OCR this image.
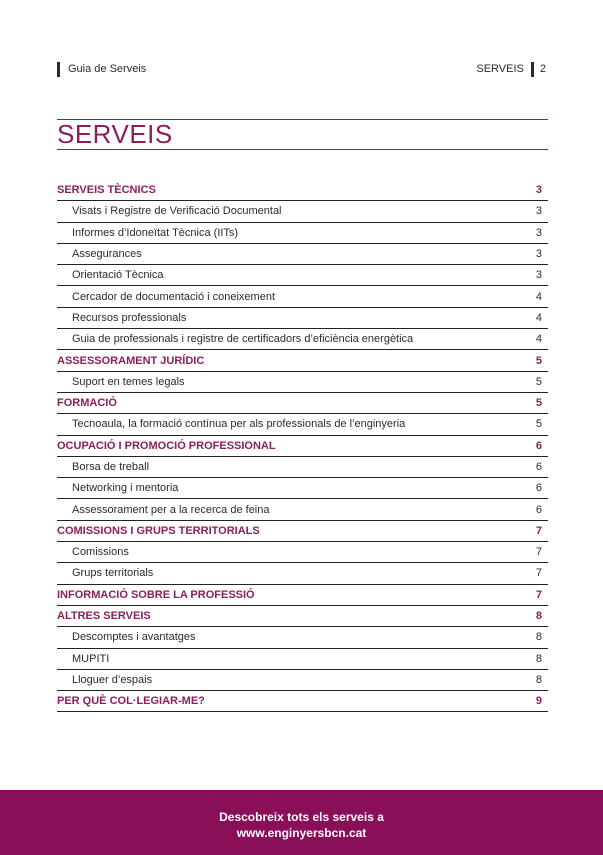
Guia de Serveis	SERVEIS 2
SERVEIS
SERVEIS TÈCNICS	3
Visats i Registre de Verificació Documental	3
Informes d’Idoneïtat Tècnica (IITs)	3
Assegurances	3
Orientació Tècnica	3
Cercador de documentació i coneixement	4
Recursos professionals	4
Guia de professionals i registre de certificadors d’eficiència energètica	4
ASSESSORAMENT JURÍDIC	5
Suport en temes legals	5
FORMACIÓ	5
Tecnoaula, la formació contínua per als professionals de l’enginyeria	5
OCUPACIÓ I PROMOCIÓ PROFESSIONAL	6
Borsa de treball	6
Networking i mentoria	6
Assessorament per a la recerca de feina	6
COMISSIONS I GRUPS TERRITORIALS	7
Comissions	7
Grups territorials	7
INFORMACIÓ SOBRE LA PROFESSIÓ	7
ALTRES SERVEIS	8
Descomptes i avantatges	8
MUPITI	8
Lloguer d’espais	8
PER QUÈ COL·LEGIAR-ME?	9
Descobreix tots els serveis a
www.enginyersbcn.cat
